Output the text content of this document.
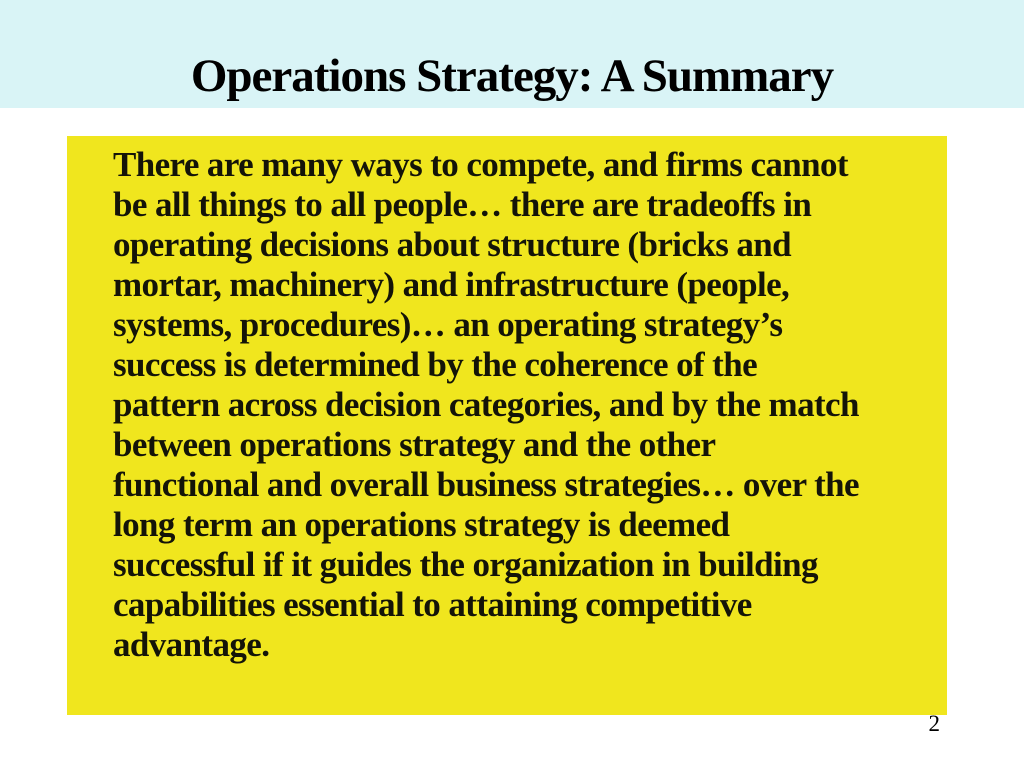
Operations Strategy: A Summary
There are many ways to compete, and firms cannot
be all things to all people… there are tradeoffs in
operating decisions about structure (bricks and
mortar, machinery) and infrastructure (people,
systems, procedures)… an operating strategy’s
success is determined by the coherence of the
pattern across decision categories, and by the match
between operations strategy and the other
functional and overall business strategies… over the
long term an operations strategy is deemed
successful if it guides the organization in building
capabilities essential to attaining competitive
advantage.
2
